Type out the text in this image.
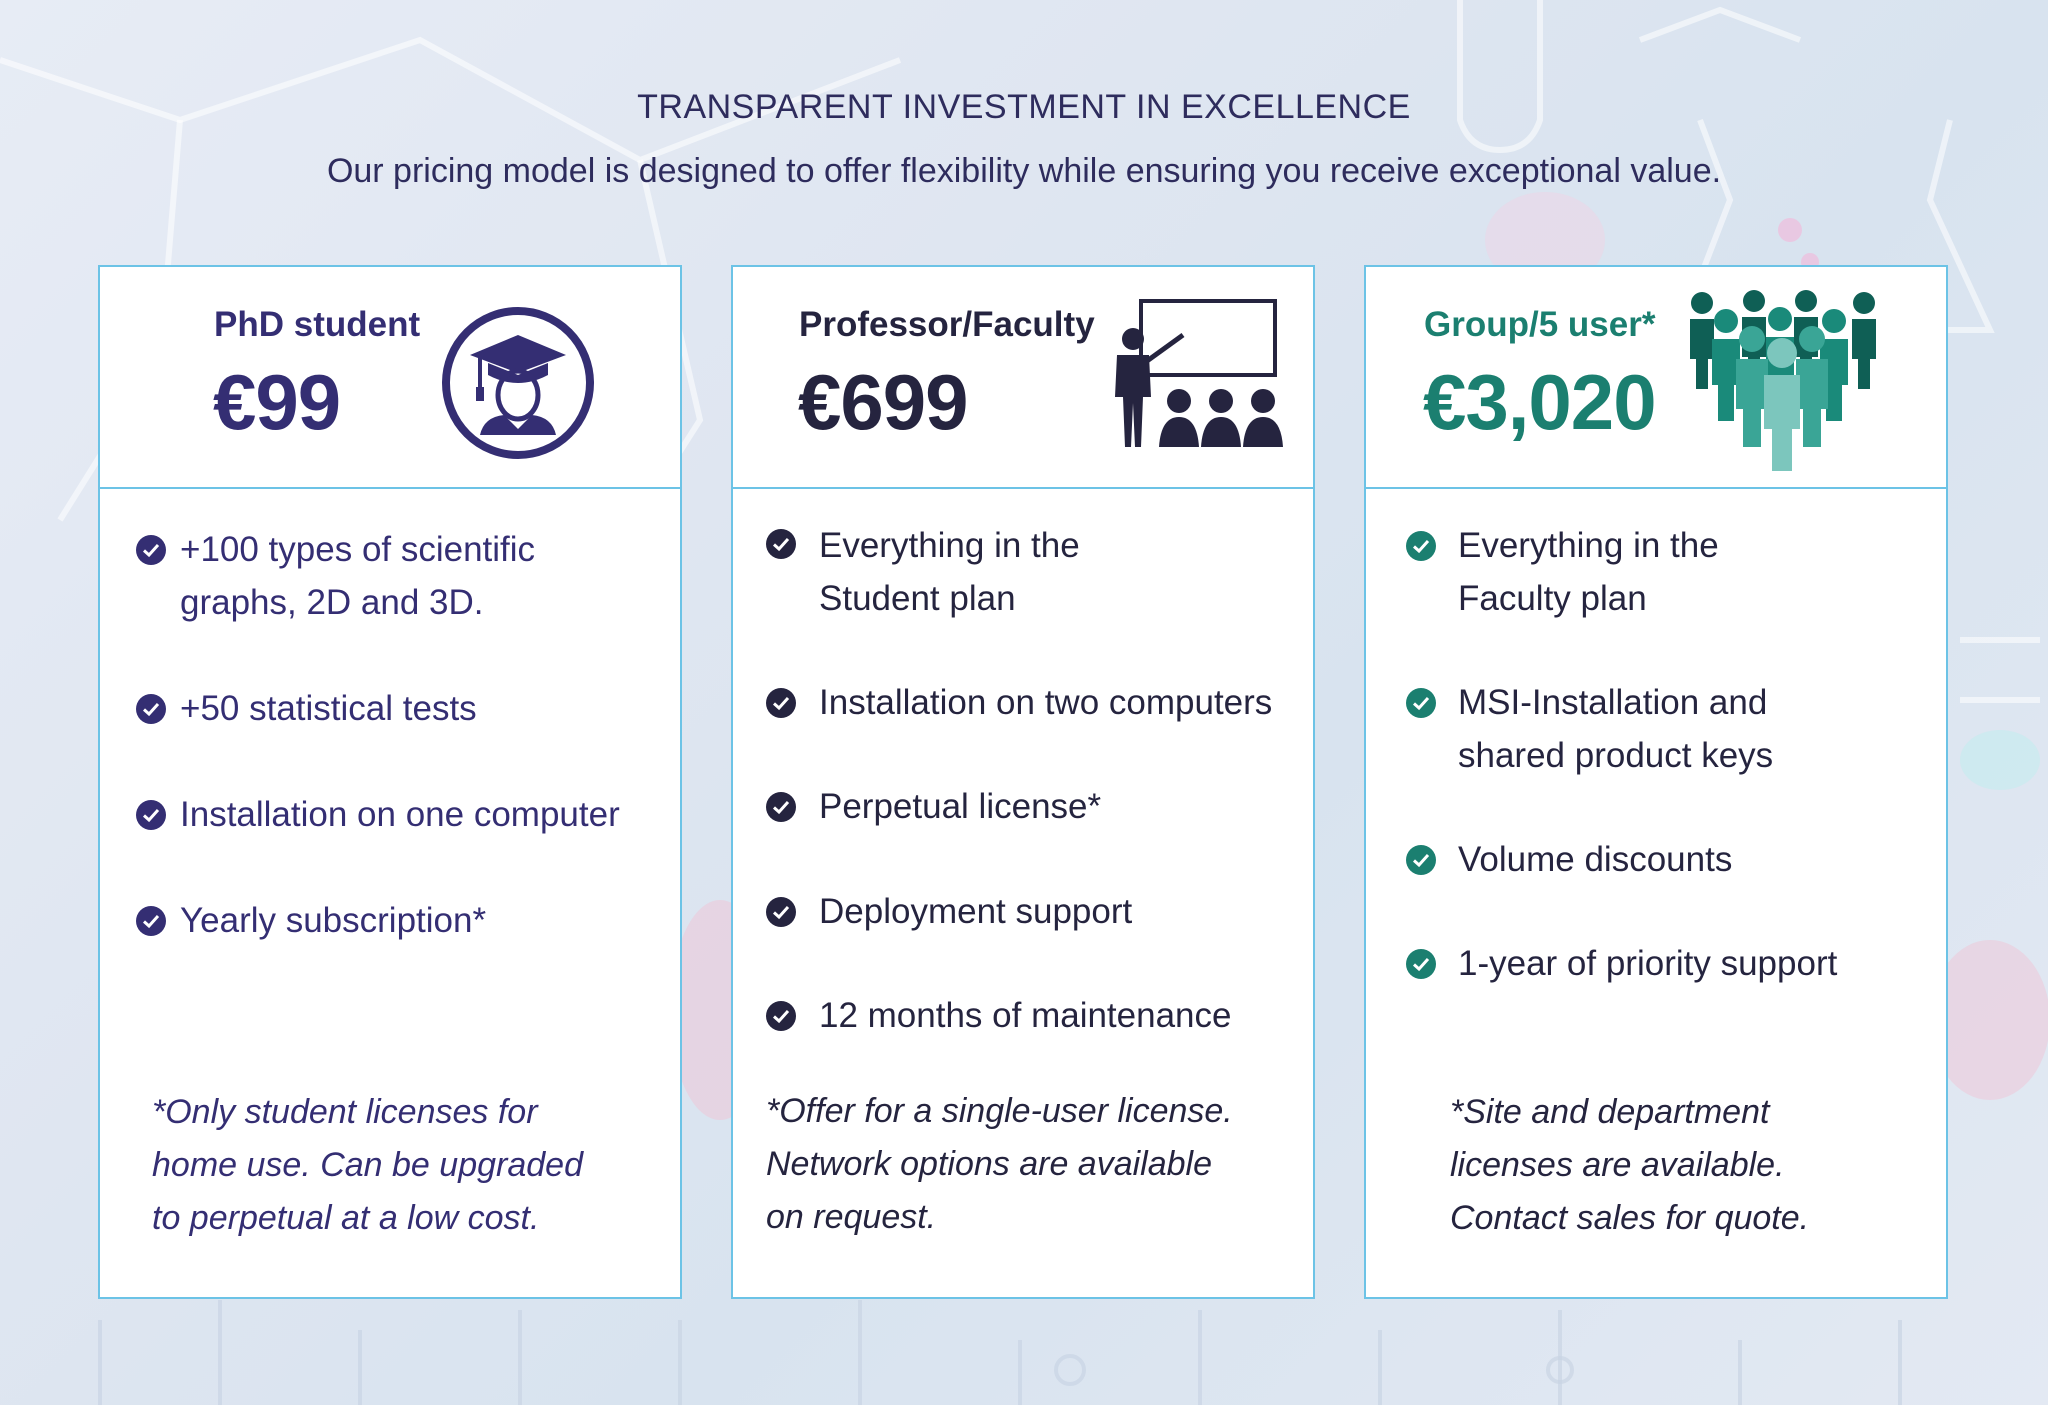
TRANSPARENT INVESTMENT IN EXCELLENCE
Our pricing model is designed to offer flexibility while ensuring you receive exceptional value.
PhD student
€99
+100 types of scientific
graphs, 2D and 3D.
+50 statistical tests
Installation on one computer
Yearly subscription*
*Only student licenses for
home use. Can be upgraded
to perpetual at a low cost.
Professor/Faculty
€699
Everything in the
Student plan
Installation on two computers
Perpetual license*
Deployment support
12 months of maintenance
*Offer for a single-user license.
Network options are available
on request.
Group/5 user*
€3,020
Everything in the
Faculty plan
MSI-Installation and
shared product keys
Volume discounts
1-year of priority support
*Site and department
licenses are available.
Contact sales for quote.
